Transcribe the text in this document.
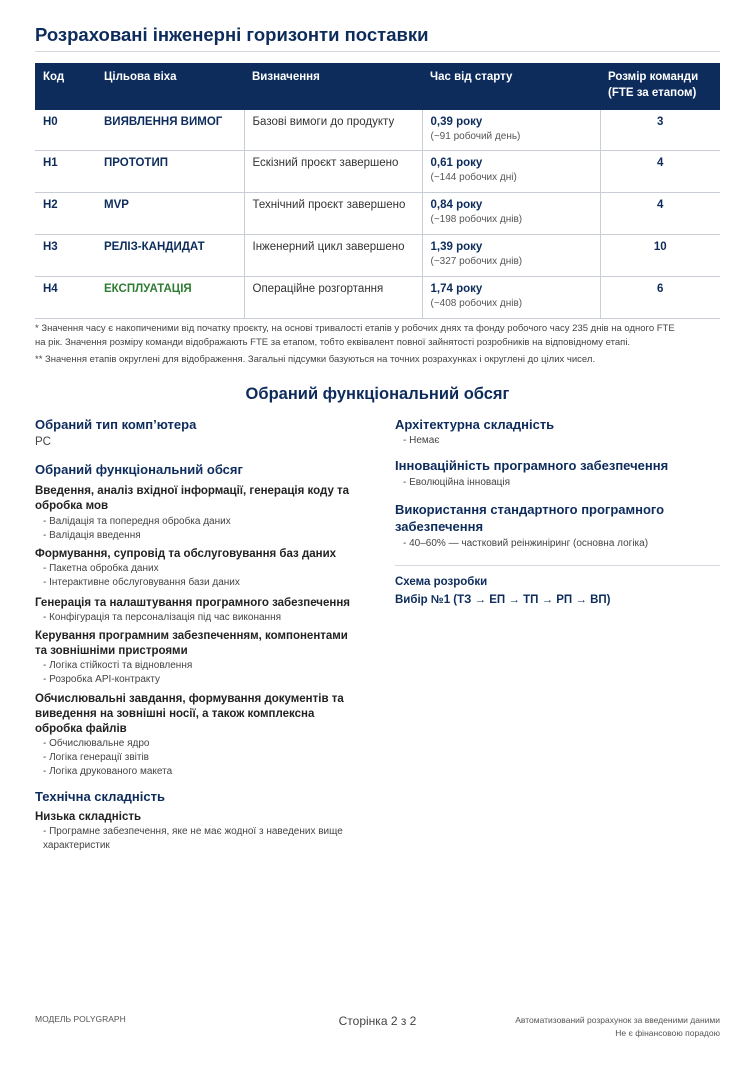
Розраховані інженерні горизонти поставки
Код	Цільова віха	Визначення	Час від старту	Розмір команди
(FTE за етапом)
H0	ВИЯВЛЕННЯ ВИМОГ	Базові вимоги до продукту	0,39 року
(~91 робочий день)	3
H1	ПРОТОТИП	Ескізний проєкт завершено	0,61 року
(~144 робочих дні)	4
H2	MVP	Технічний проєкт завершено	0,84 року
(~198 робочих днів)	4
H3	РЕЛІЗ-КАНДИДАТ	Інженерний цикл завершено	1,39 року
(~327 робочих днів)	10
H4	ЕКСПЛУАТАЦІЯ	Операційне розгортання	1,74 року
(~408 робочих днів)	6
* Значення часу є накопиченими від початку проєкту, на основі тривалості етапів у робочих днях та фонду робочого часу 235 днів на одного FTE
на рік. Значення розміру команди відображають FTE за етапом, тобто еквівалент повної зайнятості розробників на відповідному етапі.
** Значення етапів округлені для відображення. Загальні підсумки базуються на точних розрахунках і округлені до цілих чисел.
Обраний функціональний обсяг
Обраний тип комп’ютера
PC
Обраний функціональний обсяг
Введення, аналіз вхідної інформації, генерація коду та обробка мов
- Валідація та попередня обробка даних
- Валідація введення
Формування, супровід та обслуговування баз даних
- Пакетна обробка даних
- Інтерактивне обслуговування бази даних
Генерація та налаштування програмного забезпечення
- Конфігурація та персоналізація під час виконання
Керування програмним забезпеченням, компонентами та зовнішніми пристроями
- Логіка стійкості та відновлення
- Розробка API-контракту
Обчислювальні завдання, формування документів та виведення на зовнішні носії, а також комплексна обробка файлів
- Обчислювальне ядро
- Логіка генерації звітів
- Логіка друкованого макета
Технічна складність
Низька складність
- Програмне забезпечення, яке не має жодної з наведених вище характеристик
Архітектурна складність
- Немає
Інноваційність програмного забезпечення
- Еволюційна інновація
Використання стандартного програмного забезпечення
- 40–60% — частковий реінжиніринг (основна логіка)
Схема розробки
Вибір №1 (ТЗ → ЕП → ТП → РП → ВП)
МОДЕЛЬ POLYGRAPH	Сторінка 2 з 2	Автоматизований розрахунок за введеними даними
Не є фінансовою порадою
